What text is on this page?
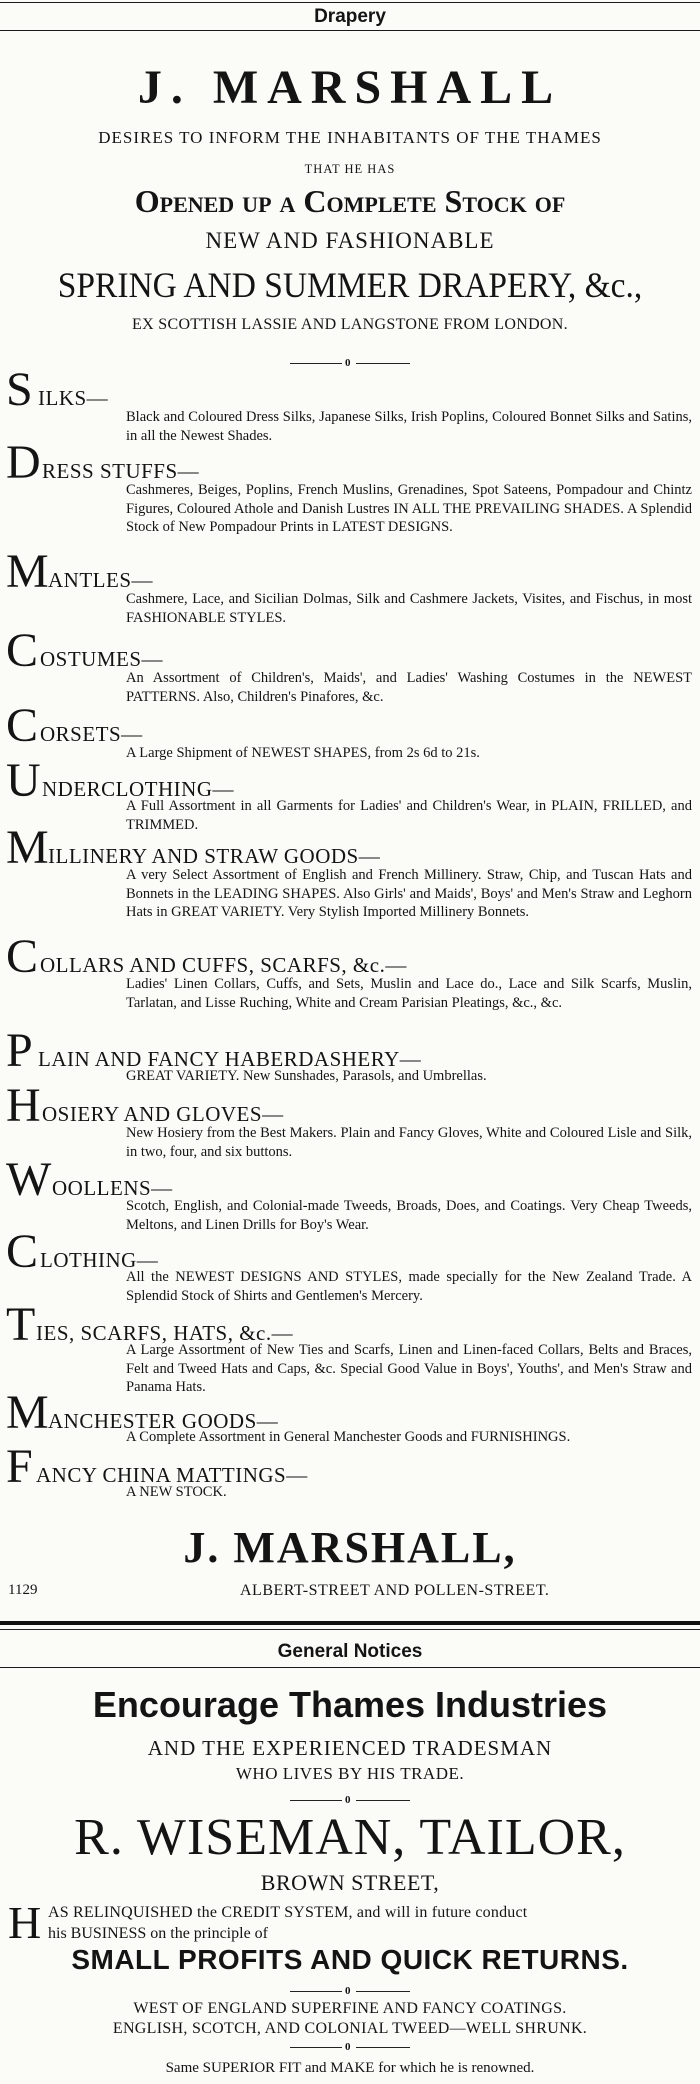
Drapery
J. MARSHALL
DESIRES TO INFORM THE INHABITANTS OF THE THAMES
THAT HE HAS
Opened up a Complete Stock of
NEW AND FASHIONABLE
SPRING AND SUMMER DRAPERY, &c.,
EX SCOTTISH LASSIE AND LANGSTONE FROM LONDON.
0
S ILKS—
Black and Coloured Dress Silks, Japanese Silks, Irish Poplins, Coloured Bonnet Silks and Satins, in all the Newest Shades.
D RESS STUFFS—
Cashmeres, Beiges, Poplins, French Muslins, Grenadines, Spot Sateens, Pompadour and Chintz Figures, Coloured Athole and Danish Lustres IN ALL THE PREVAILING SHADES. A Splendid Stock of New Pompadour Prints in LATEST DESIGNS.
M ANTLES—
Cashmere, Lace, and Sicilian Dolmas, Silk and Cashmere Jackets, Visites, and Fischus, in most FASHIONABLE STYLES.
C OSTUMES—
An Assortment of Children's, Maids', and Ladies' Washing Costumes in the NEWEST PATTERNS. Also, Children's Pinafores, &c.
C ORSETS—
A Large Shipment of NEWEST SHAPES, from 2s 6d to 21s.
U NDERCLOTHING—
A Full Assortment in all Garments for Ladies' and Children's Wear, in PLAIN, FRILLED, and TRIMMED.
M ILLINERY AND STRAW GOODS—
A very Select Assortment of English and French Millinery. Straw, Chip, and Tuscan Hats and Bonnets in the LEADING SHAPES. Also Girls' and Maids', Boys' and Men's Straw and Leghorn Hats in GREAT VARIETY. Very Stylish Imported Millinery Bonnets.
C OLLARS AND CUFFS, SCARFS, &c.—
Ladies' Linen Collars, Cuffs, and Sets, Muslin and Lace do., Lace and Silk Scarfs, Muslin, Tarlatan, and Lisse Ruching, White and Cream Parisian Pleatings, &c., &c.
P LAIN AND FANCY HABERDASHERY—
GREAT VARIETY. New Sunshades, Parasols, and Umbrellas.
H OSIERY AND GLOVES—
New Hosiery from the Best Makers. Plain and Fancy Gloves, White and Coloured Lisle and Silk, in two, four, and six buttons.
W OOLLENS—
Scotch, English, and Colonial-made Tweeds, Broads, Does, and Coatings. Very Cheap Tweeds, Meltons, and Linen Drills for Boy's Wear.
C LOTHING—
All the NEWEST DESIGNS AND STYLES, made specially for the New Zealand Trade. A Splendid Stock of Shirts and Gentlemen's Mercery.
T IES, SCARFS, HATS, &c.—
A Large Assortment of New Ties and Scarfs, Linen and Linen-faced Collars, Belts and Braces, Felt and Tweed Hats and Caps, &c. Special Good Value in Boys', Youths', and Men's Straw and Panama Hats.
M ANCHESTER GOODS—
A Complete Assortment in General Manchester Goods and FURNISHINGS.
F ANCY CHINA MATTINGS—
A NEW STOCK.
J. MARSHALL,
1129	ALBERT-STREET AND POLLEN-STREET.
General Notices
Encourage Thames Industries
AND THE EXPERIENCED TRADESMAN
WHO LIVES BY HIS TRADE.
0
R. WISEMAN, TAILOR,
BROWN STREET,
H AS RELINQUISHED the CREDIT SYSTEM, and will in future conduct
his BUSINESS on the principle of
SMALL PROFITS AND QUICK RETURNS.
0
WEST OF ENGLAND SUPERFINE AND FANCY COATINGS.
ENGLISH, SCOTCH, AND COLONIAL TWEED—WELL SHRUNK.
0
Same SUPERIOR FIT and MAKE for which he is renowned.
